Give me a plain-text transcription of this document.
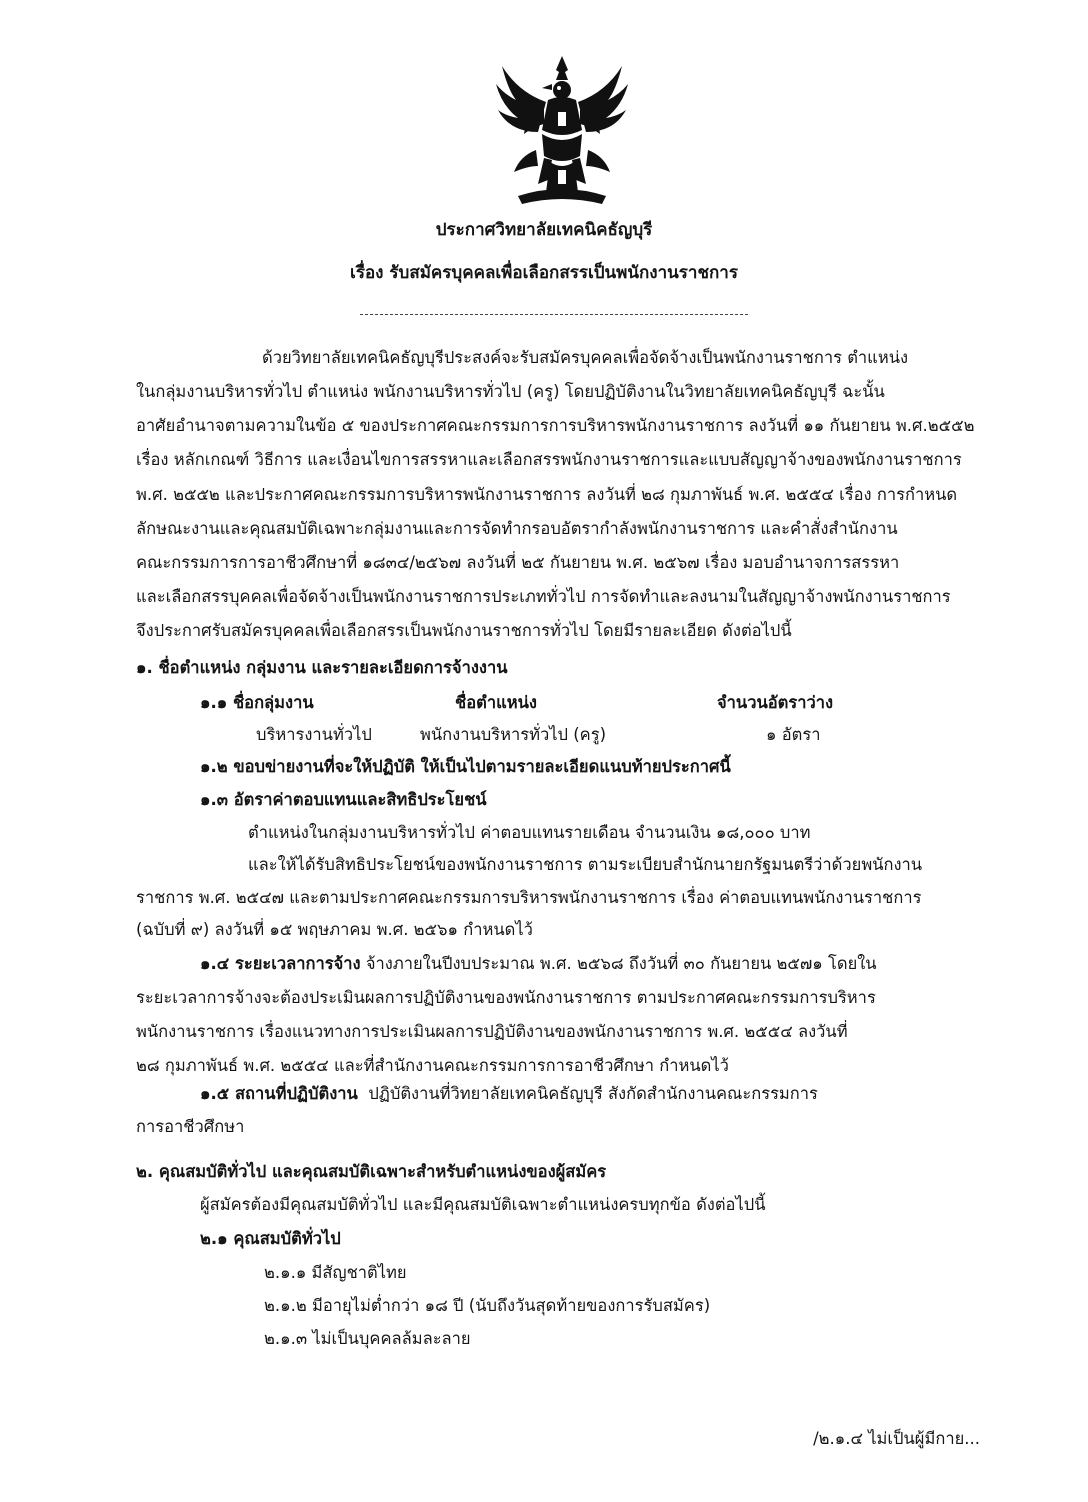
ประกาศวิทยาลัยเทคนิคธัญบุรี
เรื่อง รับสมัครบุคคลเพื่อเลือกสรรเป็นพนักงานราชการ
ด้วยวิทยาลัยเทคนิคธัญบุรีประสงค์จะรับสมัครบุคคลเพื่อจัดจ้างเป็นพนักงานราชการ ตำแหน่ง
ในกลุ่มงานบริหารทั่วไป ตำแหน่ง พนักงานบริหารทั่วไป (ครู) โดยปฏิบัติงานในวิทยาลัยเทคนิคธัญบุรี ฉะนั้น
อาศัยอำนาจตามความในข้อ ๕ ของประกาศคณะกรรมการการบริหารพนักงานราชการ ลงวันที่ ๑๑ กันยายน พ.ศ.๒๕๕๒
เรื่อง หลักเกณฑ์ วิธีการ และเงื่อนไขการสรรหาและเลือกสรรพนักงานราชการและแบบสัญญาจ้างของพนักงานราชการ
พ.ศ. ๒๕๕๒ และประกาศคณะกรรมการบริหารพนักงานราชการ ลงวันที่ ๒๘ กุมภาพันธ์ พ.ศ. ๒๕๕๔ เรื่อง การกำหนด
ลักษณะงานและคุณสมบัติเฉพาะกลุ่มงานและการจัดทำกรอบอัตรากำลังพนักงานราชการ และคำสั่งสำนักงาน
คณะกรรมการการอาชีวศึกษาที่ ๑๘๓๔/๒๕๖๗ ลงวันที่ ๒๕ กันยายน พ.ศ. ๒๕๖๗ เรื่อง มอบอำนาจการสรรหา
และเลือกสรรบุคคลเพื่อจัดจ้างเป็นพนักงานราชการประเภททั่วไป การจัดทำและลงนามในสัญญาจ้างพนักงานราชการ
จึงประกาศรับสมัครบุคคลเพื่อเลือกสรรเป็นพนักงานราชการทั่วไป โดยมีรายละเอียด ดังต่อไปนี้
๑. ชื่อตำแหน่ง กลุ่มงาน และรายละเอียดการจ้างงาน
๑.๑ ชื่อกลุ่มงาน	ชื่อตำแหน่ง	จำนวนอัตราว่าง
บริหารงานทั่วไป	พนักงานบริหารทั่วไป (ครู)	๑ อัตรา
๑.๒ ขอบข่ายงานที่จะให้ปฏิบัติ ให้เป็นไปตามรายละเอียดแนบท้ายประกาศนี้
๑.๓ อัตราค่าตอบแทนและสิทธิประโยชน์
ตำแหน่งในกลุ่มงานบริหารทั่วไป ค่าตอบแทนรายเดือน จำนวนเงิน ๑๘,๐๐๐ บาท
และให้ได้รับสิทธิประโยชน์ของพนักงานราชการ ตามระเบียบสำนักนายกรัฐมนตรีว่าด้วยพนักงาน
ราชการ พ.ศ. ๒๕๔๗ และตามประกาศคณะกรรมการบริหารพนักงานราชการ เรื่อง ค่าตอบแทนพนักงานราชการ
(ฉบับที่ ๙) ลงวันที่ ๑๕ พฤษภาคม พ.ศ. ๒๕๖๑ กำหนดไว้
๑.๔ ระยะเวลาการจ้าง
จ้างภายในปีงบประมาณ พ.ศ. ๒๕๖๘ ถึงวันที่ ๓๐ กันยายน ๒๕๗๑ โดยใน
ระยะเวลาการจ้างจะต้องประเมินผลการปฏิบัติงานของพนักงานราชการ ตามประกาศคณะกรรมการบริหาร
พนักงานราชการ เรื่องแนวทางการประเมินผลการปฏิบัติงานของพนักงานราชการ พ.ศ. ๒๕๕๔ ลงวันที่
๒๘ กุมภาพันธ์ พ.ศ. ๒๕๕๔ และที่สำนักงานคณะกรรมการการอาชีวศึกษา กำหนดไว้
๑.๕ สถานที่ปฏิบัติงาน
ปฏิบัติงานที่วิทยาลัยเทคนิคธัญบุรี สังกัดสำนักงานคณะกรรมการ
การอาชีวศึกษา
๒. คุณสมบัติทั่วไป และคุณสมบัติเฉพาะสำหรับตำแหน่งของผู้สมัคร
ผู้สมัครต้องมีคุณสมบัติทั่วไป และมีคุณสมบัติเฉพาะตำแหน่งครบทุกข้อ ดังต่อไปนี้
๒.๑ คุณสมบัติทั่วไป
๒.๑.๑ มีสัญชาติไทย
๒.๑.๒ มีอายุไม่ต่ำกว่า ๑๘ ปี (นับถึงวันสุดท้ายของการรับสมัคร)
๒.๑.๓ ไม่เป็นบุคคลล้มละลาย
/๒.๑.๔ ไม่เป็นผู้มีกาย...
